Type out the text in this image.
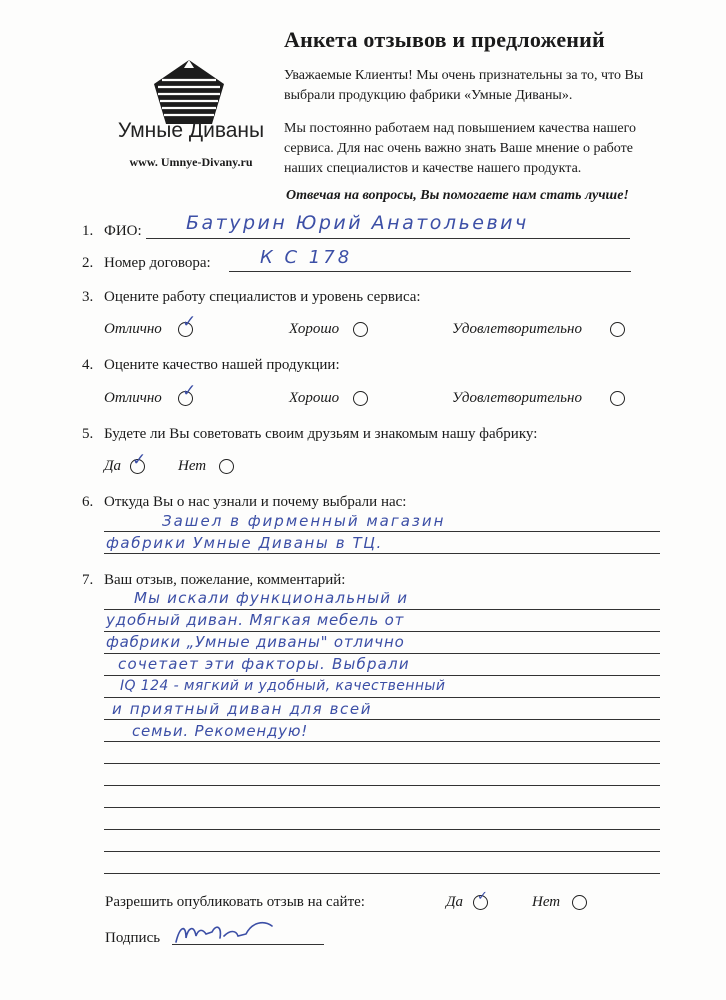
Умные Диваны
www. Umnye-Divany.ru
Анкета отзывов и предложений
Уважаемые Клиенты! Мы очень признательны за то, что Вы
выбрали продукцию фабрики «Умные Диваны».
Мы постоянно работаем над повышением качества нашего
сервиса. Для нас очень важно знать Ваше мнение о работе
наших специалистов и качестве нашего продукта.
Отвечая на вопросы, Вы помогаете нам стать лучше!
1. ФИО: Батурин Юрий Анатольевич
2. Номер договора:	К С 178
3. Оцените работу специалистов и уровень сервиса:
Отлично ✓	Хорошо	Удовлетворительно
4. Оцените качество нашей продукции:
Отлично ✓	Хорошо	Удовлетворительно
5. Будете ли Вы советовать своим друзьям и знакомым нашу фабрику:
Да ✓ Нет
6. Откуда Вы о нас узнали и почему выбрали нас:
Зашел в фирменный магазин
фабрики Умные Диваны в ТЦ.
7. Ваш отзыв, пожелание, комментарий:
Мы искали функциональный и
удобный диван. Мягкая мебель от
фабрики „Умные диваны" отлично
сочетает эти факторы. Выбрали
IQ 124 - мягкий и удобный, качественный
и приятный диван для всей
семьи. Рекомендую!
Разрешить опубликовать отзыв на сайте:	Да ✓	Нет
Подпись
